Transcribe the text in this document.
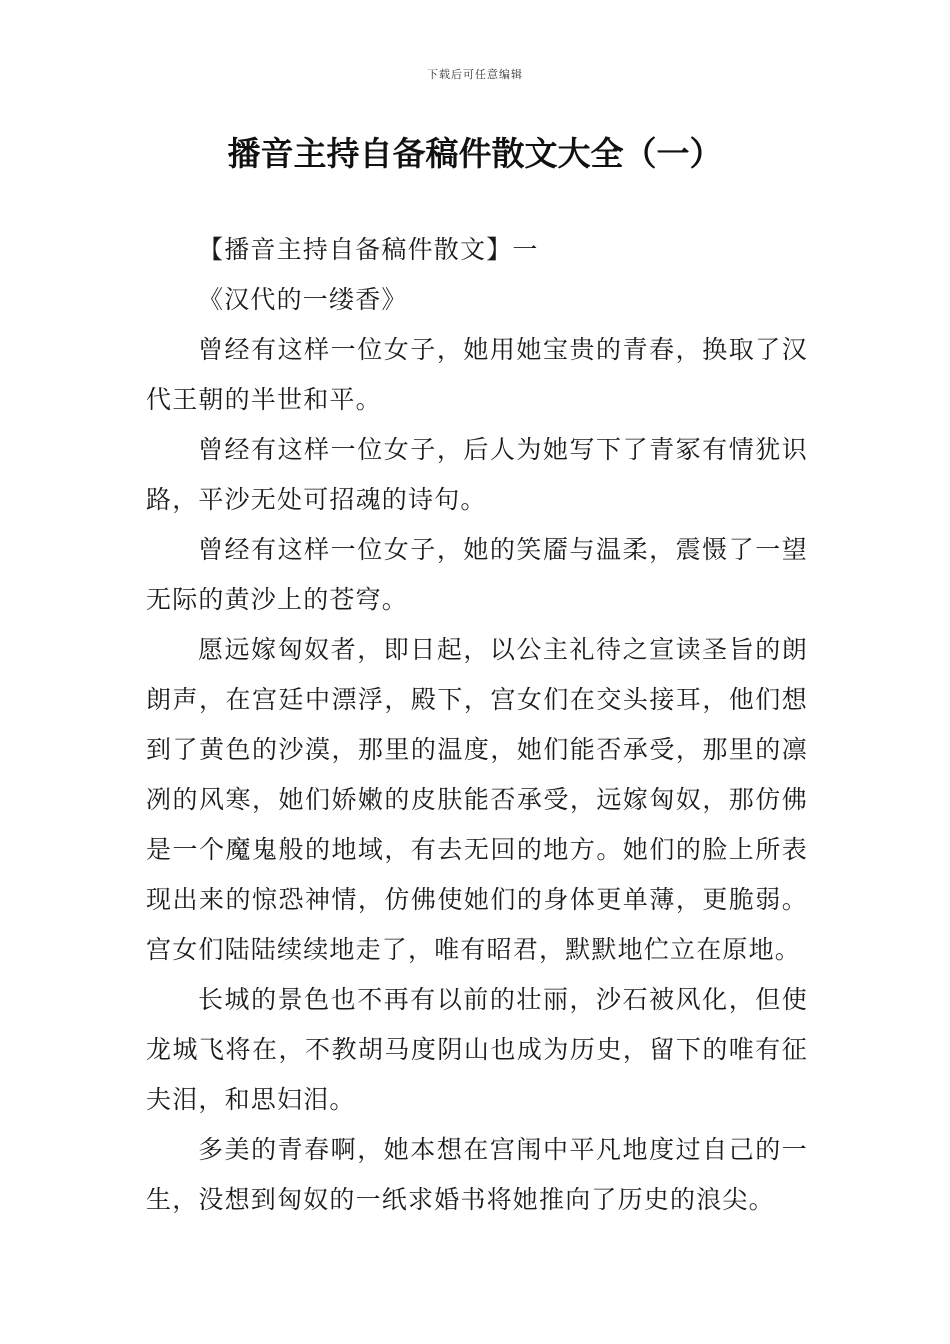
下载后可任意编辑
播音主持自备稿件散文大全（一）

【播音主持自备稿件散文】一

《汉代的一缕香》

曾经有这样一位女子，她用她宝贵的青春，换取了汉代王朝的半世和平。

曾经有这样一位女子，后人为她写下了青冢有情犹识路，平沙无处可招魂的诗句。

曾经有这样一位女子，她的笑靥与温柔，震慑了一望无际的黄沙上的苍穹。

愿远嫁匈奴者，即日起，以公主礼待之宣读圣旨的朗朗声，在宫廷中漂浮，殿下，宫女们在交头接耳，他们想到了黄色的沙漠，那里的温度，她们能否承受，那里的凛冽的风寒，她们娇嫩的皮肤能否承受，远嫁匈奴，那仿佛是一个魔鬼般的地域，有去无回的地方。她们的脸上所表现出来的惊恐神情，仿佛使她们的身体更单薄，更脆弱。宫女们陆陆续续地走了，唯有昭君，默默地伫立在原地。

长城的景色也不再有以前的壮丽，沙石被风化，但使龙城飞将在，不教胡马度阴山也成为历史，留下的唯有征夫泪，和思妇泪。

多美的青春啊，她本想在宫闱中平凡地度过自己的一生，没想到匈奴的一纸求婚书将她推向了历史的浪尖。
